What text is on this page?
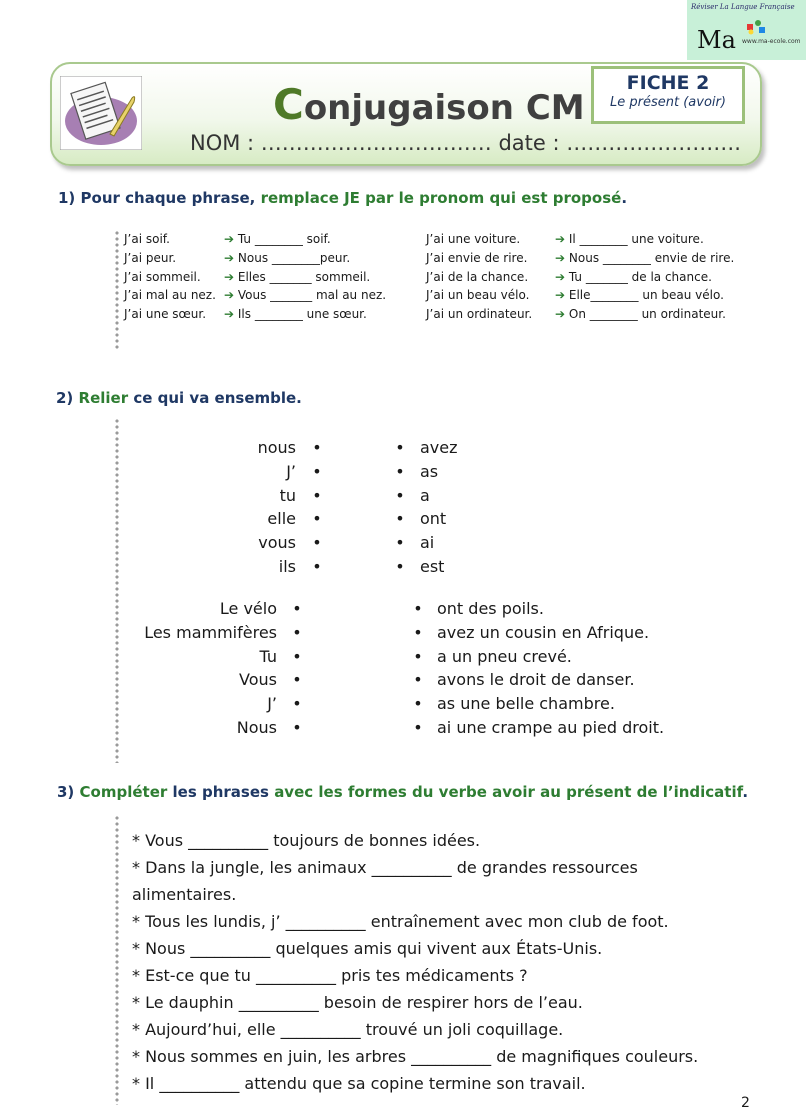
Réviser La Langue Française
Ma www.ma-ecole.com
Conjugaison CM
NOM : …………………………… date : …………………….
FICHE 2
Le présent (avoir)
1) Pour chaque phrase, remplace JE par le pronom qui est proposé.
J’ai soif.
J’ai peur.
J’ai sommeil.
J’ai mal au nez.
J’ai une sœur.
➔ Tu ________ soif.
➔ Nous ________peur.
➔ Elles _______ sommeil.
➔ Vous _______ mal au nez.
➔ Ils ________ une sœur.
J’ai une voiture.
J’ai envie de rire.
J’ai de la chance.
J’ai un beau vélo.
J’ai un ordinateur.
➔ Il ________ une voiture.
➔ Nous ________ envie de rire.
➔ Tu _______ de la chance.
➔ Elle________ un beau vélo.
➔ On ________ un ordinateur.
2) Relier ce qui va ensemble.
nous
J’
tu
elle
vous
ils
•
•
•
•
•
•
•
•
•
•
•
•
avez
as
a
ont
ai
est
Le vélo
Les mammifères
Tu
Vous
J’
Nous
•
•
•
•
•
•
•
•
•
•
•
•
ont des poils.
avez un cousin en Afrique.
a un pneu crevé.
avons le droit de danser.
as une belle chambre.
ai une crampe au pied droit.
3) Compléter les phrases avec les formes du verbe avoir au présent de l’indicatif.
* Vous __________ toujours de bonnes idées.
* Dans la jungle, les animaux __________ de grandes ressources
alimentaires.
* Tous les lundis, j’ __________ entraînement avec mon club de foot.
* Nous __________ quelques amis qui vivent aux États-Unis.
* Est-ce que tu __________ pris tes médicaments ?
* Le dauphin __________ besoin de respirer hors de l’eau.
* Aujourd’hui, elle __________ trouvé un joli coquillage.
* Nous sommes en juin, les arbres __________ de magnifiques couleurs.
* Il __________ attendu que sa copine termine son travail.
2
